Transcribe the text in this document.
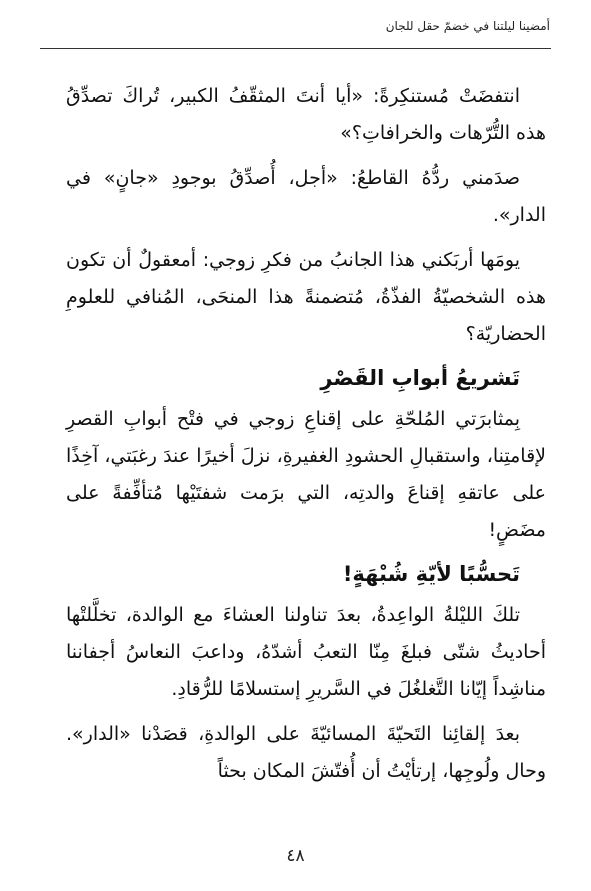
أمضينا ليلتنا في خضمّ حقل للجان

انتفضَتْ مُستنكِرةً: «أيا أنتَ المثقّفُ الكبير، تُراكَ تصدِّقُ هذه التُّرّهات والخرافاتِ؟»

صدَمني ردُّهُ القاطعُ: «أجل، أُصدِّقُ بوجودِ «جانٍ» في الدار».

يومَها أربَكني هذا الجانبُ من فكرِ زوجي: أمعقولٌ أن تكون هذه الشخصيّةُ الفذّةُ، مُتضمنةً هذا المنحَى، المُنافي للعلومِ الحضاريّة؟

تَشريعُ أبوابِ القَصْرِ

بِمثابرَتي المُلحّةِ على إقناعِ زوجي في فتْح أبوابِ القصرِ لإقامتِنا، واستقبالِ الحشودِ الغفيرةِ، نزلَ أخيرًا عندَ رغبَتي، آخِذًا على عاتقهِ إقناعَ والدتِه، التي برَمت شفتَيْها مُتأفِّفةً على مضَضٍ!

تَحسُّبًا لأيّةِ شُبْهَةٍ!

تلكَ الليْلةُ الواعِدةُ، بعدَ تناولنا العشاءَ مع الوالدة، تخلَّلتْها أحاديثُ شتّى فبلغَ مِنّا التعبُ أشدّهُ، وداعبَ النعاسُ أجفاننا مناشِداً إيّانا التَّغلغُلَ في السَّريرِ إستسلامًا للرُّقادِ.

بعدَ إلقائِنا التَحيّةَ المسائيّةَ على الوالدةِ، قصَدْنا «الدار». وحال ولُوجِها، إرتأيْتُ أن أُفتّشَ المكان بحثاً

٤٨
